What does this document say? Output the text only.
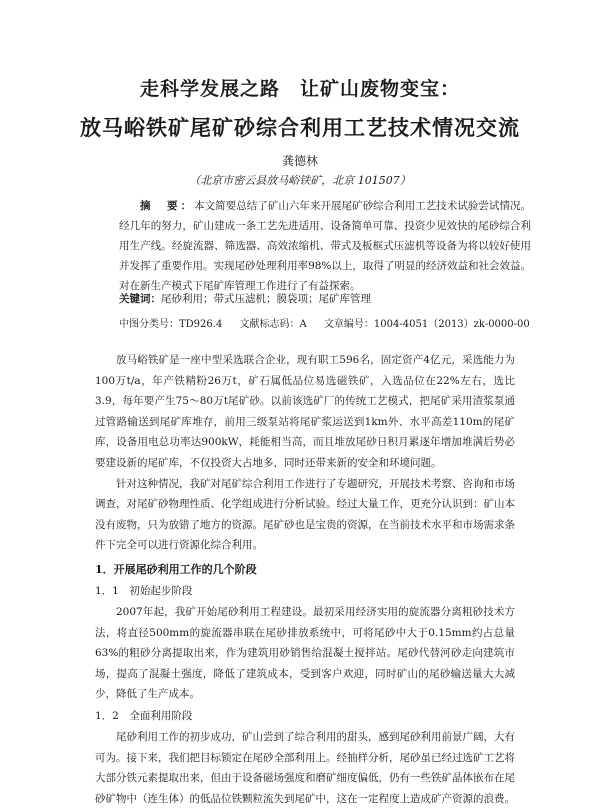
走科学发展之路　让矿山废物变宝：
放马峪铁矿尾矿砂综合利用工艺技术情况交流
龚德林
（北京市密云县放马峪铁矿，北京 101507）
摘　要：本文简要总结了矿山六年来开展尾矿砂综合利用工艺技术试验尝试情况。经几年的努力，矿山建成一条工艺先进适用、设备简单可靠、投资少见效快的尾砂综合利用生产线。经旋流器、筛选器、高效浓缩机、带式及板框式压滤机等设备为将以较好使用并发挥了重要作用。实现尾砂处理利用率98%以上，取得了明显的经济效益和社会效益。对在新生产模式下尾矿库管理工作进行了有益探索。
关键词：尾砂利用；带式压滤机；膜袋项；尾矿库管理
中图分类号：TD926.4 文献标志码：A 文章编号：1004-4051（2013）zk-0000-00

放马峪铁矿是一座中型采选联合企业，现有职工596名，固定资产4亿元，采选能力为100万t/a，年产铁精粉26万t，矿石属低品位易选磁铁矿，入选品位在22%左右，选比3.9，每年要产生75～80万t尾矿砂。以前该选矿厂的传统工艺模式，把尾矿采用渣浆泵通过管路输送到尾矿库堆存，前用三级泵站将尾矿浆运送到1km外、水平高差110m的尾矿库，设备用电总功率达900kW，耗能相当高，而且堆放尾砂日积月累逐年增加堆满后势必要建设新的尾矿库，不仅投资大占地多，同时还带来新的安全和环境问题。

针对这种情况，我矿对尾矿综合利用工作进行了专题研究，开展技术考察、咨询和市场调查，对尾矿砂物理性质、化学组成进行分析试验。经过大量工作，更充分认识到：矿山本没有废物，只为放错了地方的资源。尾矿砂也是宝贵的资源，在当前技术水平和市场需求条件下完全可以进行资源化综合利用。

1．开展尾砂利用工作的几个阶段
1．1　初始起步阶段

2007年起，我矿开始尾砂利用工程建设。最初采用经济实用的旋流器分离粗砂技术方法，将直径500mm的旋流器串联在尾砂排放系统中，可将尾砂中大于0.15mm约占总量63%的粗砂分离提取出来，作为建筑用砂销售给混凝土搅拌站。尾砂代替河砂走向建筑市场，提高了混凝土强度，降低了建筑成本，受到客户欢迎，同时矿山的尾砂输送量大大减少，降低了生产成本。

1．2　全面利用阶段

尾砂利用工作的初步成功，矿山尝到了综合利用的甜头，感到尾砂利用前景广阔，大有可为。接下来，我们把目标锁定在尾砂全部利用上。经抽样分析，尾砂虽已经过选矿工艺将大部分铁元素提取出来，但由于设备磁场强度和磨矿细度偏低，仍有一些铁矿晶体嵌布在尾砂矿物中（连生体）的低品位铁颗粒流失到尾矿中，这在一定程度上造成矿产资源的浪费。
